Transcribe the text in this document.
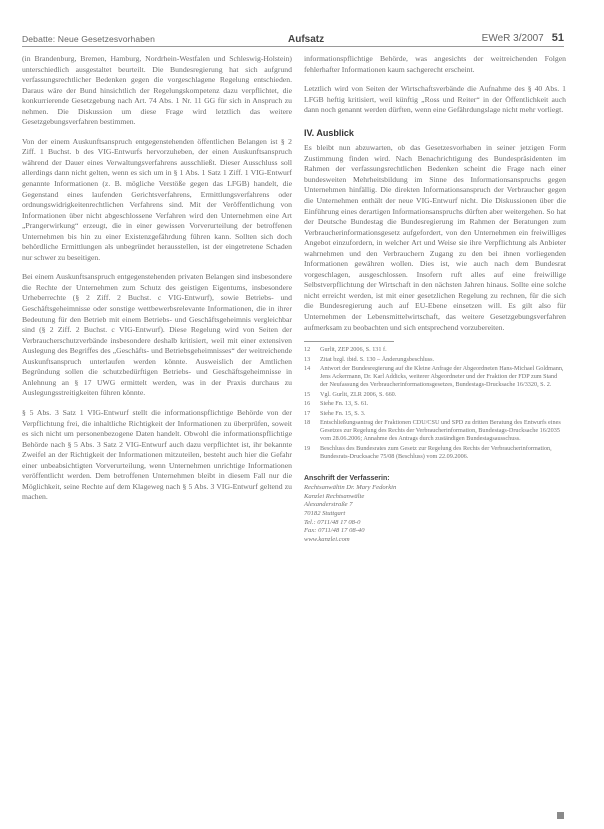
Debatte: Neue Gesetzesvorhaben	Aufsatz	EWeR 3/2007 51

(in Brandenburg, Bremen, Hamburg, Nordrhein-Westfalen und Schleswig-Holstein) unterschiedlich ausgestaltet beurteilt. Die Bundesregierung hat sich aufgrund verfassungsrechtlicher Bedenken gegen die vorgeschlagene Regelung entschieden. Daraus wäre der Bund hinsichtlich der Regelungskompetenz dazu verpflichtet, die konkurrierende Gesetzgebung nach Art. 74 Abs. 1 Nr. 11 GG für sich in Anspruch zu nehmen. Die Diskussion um diese Frage wird letztlich das weitere Gesetzgebungsverfahren bestimmen.

Von der einem Auskunftsanspruch entgegenstehenden öffentlichen Belangen ist § 2 Ziff. 1 Buchst. b des VIG-Entwurfs hervorzuheben, der einen Auskunftsanspruch während der Dauer eines Verwaltungsverfahrens ausschließt. Dieser Ausschluss soll allerdings dann nicht gelten, wenn es sich um in § 1 Abs. 1 Satz 1 Ziff. 1 VIG-Entwurf genannte Informationen (z. B. mögliche Verstöße gegen das LFGB) handelt, die Gegenstand eines laufenden Gerichtsverfahrens, Ermittlungsverfahrens oder ordnungswidrigkeitenrechtlichen Verfahrens sind. Mit der Veröffentlichung von Informationen über nicht abgeschlossene Verfahren wird den Unternehmen eine Art „Prangerwirkung“ erzeugt, die in einer gewissen Vorverurteilung der betroffenen Unternehmen bis hin zu einer Existenzgefährdung führen kann. Sollten sich doch behördliche Ermittlungen als unbegründet herausstellen, ist der eingetretene Schaden nur schwer zu beseitigen.

Bei einem Auskunftsanspruch entgegenstehenden privaten Belangen sind insbesondere die Rechte der Unternehmen zum Schutz des geistigen Eigentums, insbesondere Urheberrechte (§ 2 Ziff. 2 Buchst. c VIG-Entwurf), sowie Betriebs- und Geschäftsgeheimnisse oder sonstige wettbewerbsrelevante Informationen, die in ihrer Bedeutung für den Betrieb mit einem Betriebs- und Geschäftsgeheimnis vergleichbar sind (§ 2 Ziff. 2 Buchst. c VIG-Entwurf). Diese Regelung wird von Seiten der Verbraucherschutzverbände insbesondere deshalb kritisiert, weil mit einer extensiven Auslegung des Begriffes des „Geschäfts- und Betriebsgeheimnisses“ der weitreichende Auskunftsanspruch unterlaufen werden könnte. Ausweislich der Amtlichen Begründung sollen die schutzbedürftigen Betriebs- und Geschäftsgeheimnisse in Anlehnung an § 17 UWG ermittelt werden, was in der Praxis durchaus zu Auslegungsstreitigkeiten führen könnte.

§ 5 Abs. 3 Satz 1 VIG-Entwurf stellt die informationspflichtige Behörde von der Verpflichtung frei, die inhaltliche Richtigkeit der Informationen zu überprüfen, soweit es sich nicht um personenbezogene Daten handelt. Obwohl die informationspflichtige Behörde nach § 5 Abs. 3 Satz 2 VIG-Entwurf auch dazu verpflichtet ist, ihr bekannte Zweifel an der Richtigkeit der Informationen mitzuteilen, besteht auch hier die Gefahr einer unbeabsichtigten Vorverurteilung, wenn Unternehmen unrichtige Informationen veröffentlicht werden. Dem betroffenen Unternehmen bleibt in diesem Fall nur die Möglichkeit, seine Rechte auf dem Klageweg nach § 5 Abs. 3 VIG-Entwurf geltend zu machen.

informationspflichtige Behörde, was angesichts der weitreichenden Folgen fehlerhafter Informationen kaum sachgerecht erscheint.

Letztlich wird von Seiten der Wirtschaftsverbände die Aufnahme des § 40 Abs. 1 LFGB heftig kritisiert, weil künftig „Ross und Reiter“ in der Öffentlichkeit auch dann noch genannt werden dürften, wenn eine Gefährdungslage nicht mehr vorliegt.

IV. Ausblick

Es bleibt nun abzuwarten, ob das Gesetzesvorhaben in seiner jetzigen Form Zustimmung finden wird. Nach Benachrichtigung des Bundespräsidenten im Rahmen der verfassungsrechtlichen Bedenken scheint die Frage nach einer bundesweiten Mehrheitsbildung im Sinne des Informationsanspruchs gegen Unternehmen hinfällig. Die direkten Informationsanspruch der Verbraucher gegen die Unternehmen enthält der neue VIG-Entwurf nicht. Die Diskussionen über die Einführung eines derartigen Informationsanspruchs dürften aber weitergehen. So hat der Deutsche Bundestag die Bundesregierung im Rahmen der Beratungen zum Verbraucherinformationsgesetz aufgefordert, von den Unternehmen ein freiwilliges Angebot einzufordern, in welcher Art und Weise sie ihre Verpflichtung als Anbieter wahrnehmen und den Verbrauchern Zugang zu den bei ihnen vorliegenden Informationen gewähren wollen. Dies ist, wie auch nach dem Bundesrat vorgeschlagen, ausgeschlossen. Insofern ruft alles auf eine freiwillige Selbstverpflichtung der Wirtschaft in den nächsten Jahren hinaus. Sollte eine solche nicht erreicht werden, ist mit einer gesetzlichen Regelung zu rechnen, für die sich die Bundesregierung auch auf EU-Ebene einsetzen will. Es gilt also für Unternehmen der Lebensmittelwirtschaft, das weitere Gesetzgebungsverfahren aufmerksam zu beobachten und sich entsprechend vorzubereiten.

12	Gurlit, ZEP 2006, S. 131 f.
13	Zitat bzgl. ibid. S. 130 – Änderungsbeschluss.
14	Antwort der Bundesregierung auf die Kleine Anfrage der Abgeordneten Hans-Michael Goldmann, Jens Ackermann, Dr. Karl Addicks, weiterer Abgeordneter und der Fraktion der FDP zum Stand der Neufassung des Verbraucherinformationsgesetzes, Bundestags-Drucksache 16/3320, S. 2.
15	Vgl. Gurlit, ZLR 2006, S. 660.
16	Siehe Fn. 13, S. 61.
17	Siehe Fn. 15, S. 3.
18	Entschließungsantrag der Fraktionen CDU/CSU und SPD zu dritten Beratung des Entwurfs eines Gesetzes zur Regelung des Rechts der Verbraucherinformation, Bundestags-Drucksache 16/2035 vom 28.06.2006; Annahme des Antrags durch zuständigen Bundestagsausschuss.
19	Beschluss des Bundesrates zum Gesetz zur Regelung des Rechts der Verbraucherinformation, Bundesrats-Drucksache 75/08 (Beschluss) vom 22.09.2006.
Anschrift der Verfasserin:
Rechtsanwältin Dr. Mary Fedorkin
Kanzlei Rechtsanwälte
Alexanderstraße 7
70182 Stuttgart
Tel.: 0711/48 17 08-0
Fax: 0711/48 17 08-40
www.kanzlei.com
